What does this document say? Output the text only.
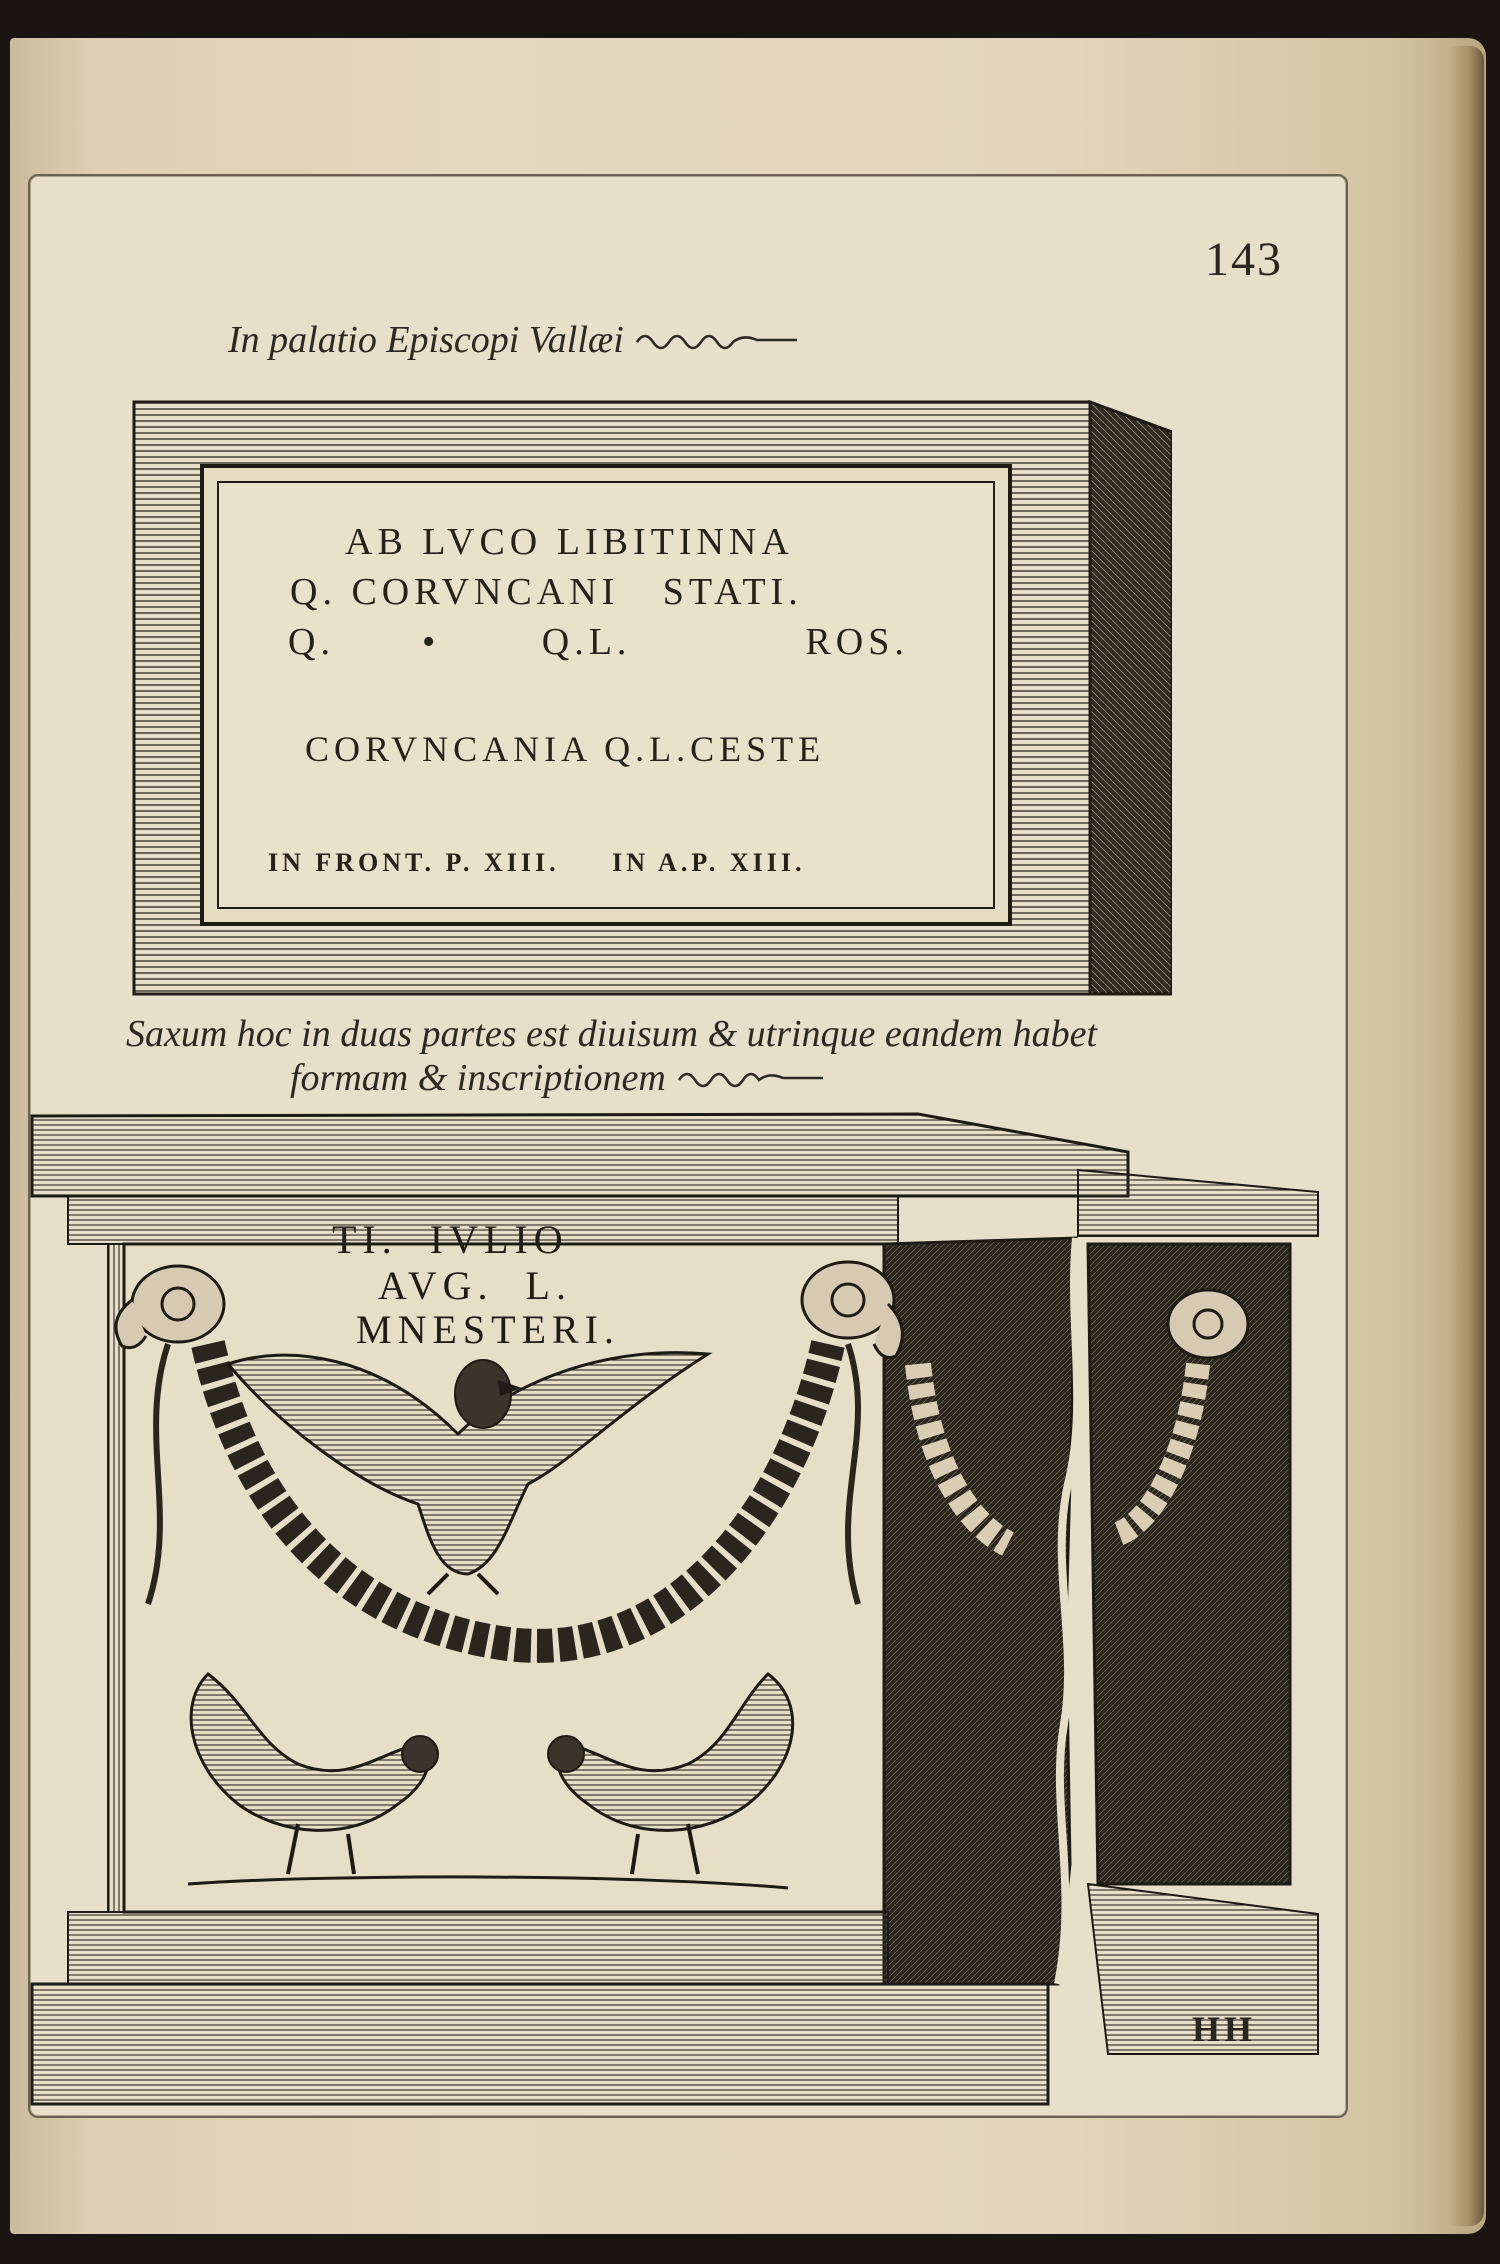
143
In palatio Episcopi Vallæi
AB LVCO LIBITINNA
Q. CORVNCANI   STATI.
Q.      •       Q.L.            ROS.
CORVNCANIA Q.L.CESTE
IN FRONT. P. XIII.     IN A.P. XIII.
Saxum hoc in duas partes est diuisum & utrinque eandem habet
formam & inscriptionem
TI.  IVLIO
AVG.  L.
MNESTERI.
HH
